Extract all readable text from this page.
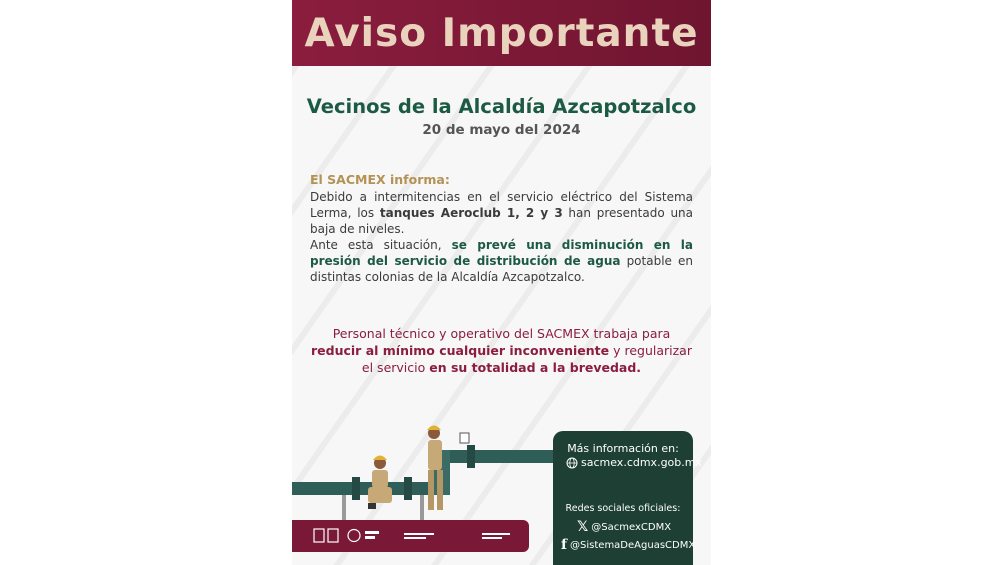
Aviso Importante
Vecinos de la Alcaldía Azcapotzalco
20 de mayo del 2024
El SACMEX informa:
Debido a intermitencias en el servicio eléctrico del Sistema Lerma, los tanques Aeroclub 1, 2 y 3 han presentado una baja de niveles.
Ante esta situación, se prevé una disminución en la presión del servicio de distribución de agua potable en distintas colonias de la Alcaldía Azcapotzalco.
Personal técnico y operativo del SACMEX trabaja para reducir al mínimo cualquier inconveniente y regularizar el servicio en su totalidad a la brevedad.
Más información en:
sacmex.cdmx.gob.mx
Redes sociales oficiales:
𝕏 @SacmexCDMX
f @SistemaDeAguasCDMX
